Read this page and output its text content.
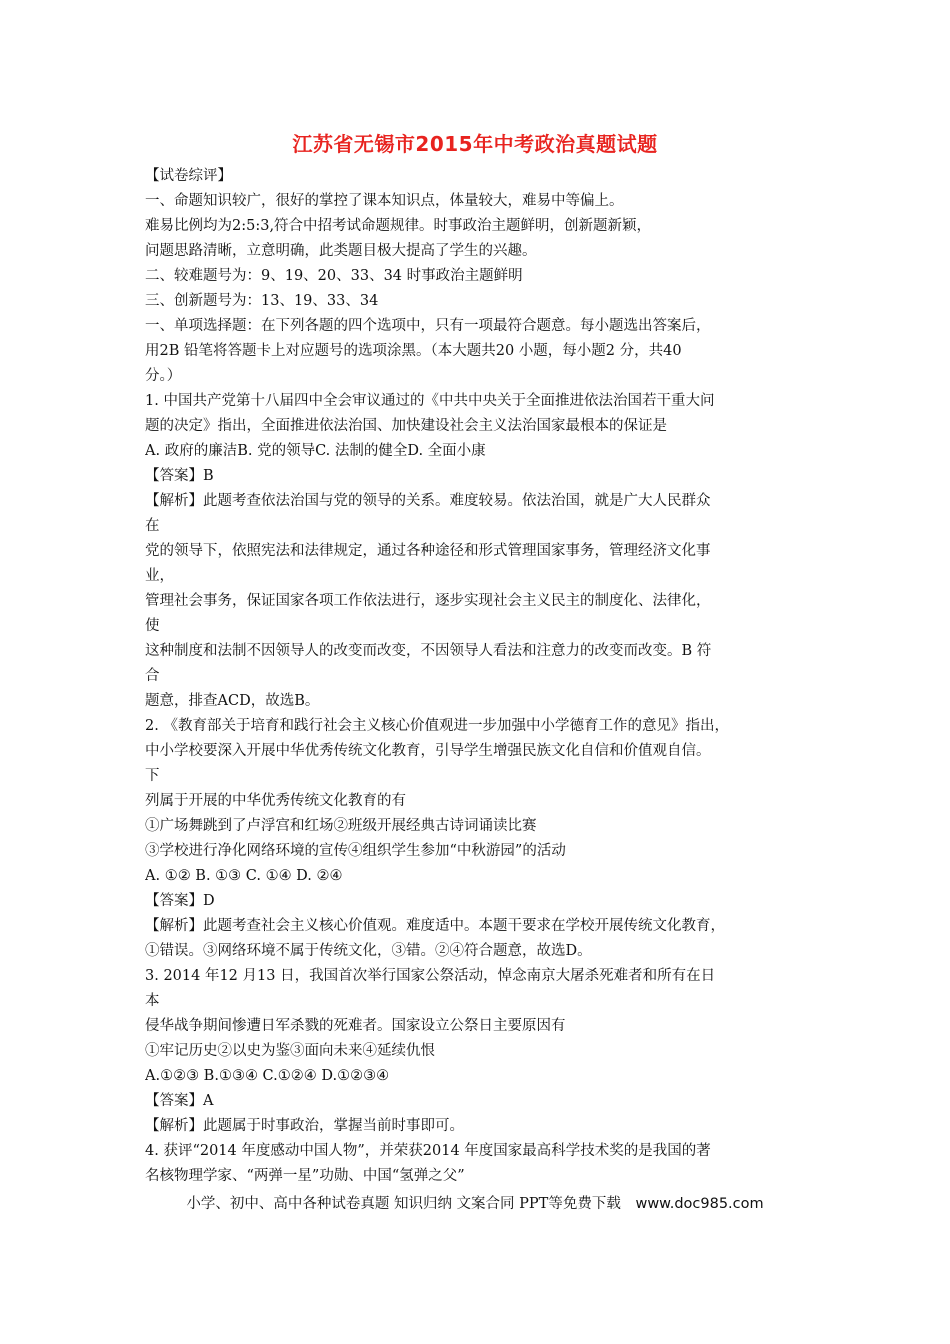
江苏省无锡市2015年中考政治真题试题
【试卷综评】
一、命题知识较广，很好的掌控了课本知识点，体量较大，难易中等偏上。
难易比例均为2:5:3,符合中招考试命题规律。时事政治主题鲜明，创新题新颖，
问题思路清晰，立意明确，此类题目极大提高了学生的兴趣。
二、较难题号为：9、19、20、33、34 时事政治主题鲜明
三、创新题号为：13、19、33、34
一、单项选择题：在下列各题的四个选项中，只有一项最符合题意。每小题选出答案后，
用2B 铅笔将答题卡上对应题号的选项涂黑。（本大题共20 小题，每小题2 分，共40
分。）
1. 中国共产党第十八届四中全会审议通过的《中共中央关于全面推进依法治国若干重大问
题的决定》指出，全面推进依法治国、加快建设社会主义法治国家最根本的保证是
A. 政府的廉洁B. 党的领导C. 法制的健全D. 全面小康
【答案】B
【解析】此题考查依法治国与党的领导的关系。难度较易。依法治国，就是广大人民群众
在
党的领导下，依照宪法和法律规定，通过各种途径和形式管理国家事务，管理经济文化事
业，
管理社会事务，保证国家各项工作依法进行，逐步实现社会主义民主的制度化、法律化，
使
这种制度和法制不因领导人的改变而改变，不因领导人看法和注意力的改变而改变。B 符
合
题意，排查ACD，故选B。
2. 《教育部关于培育和践行社会主义核心价值观进一步加强中小学德育工作的意见》指出，
中小学校要深入开展中华优秀传统文化教育，引导学生增强民族文化自信和价值观自信。
下
列属于开展的中华优秀传统文化教育的有
①广场舞跳到了卢浮宫和红场②班级开展经典古诗词诵读比赛
③学校进行净化网络环境的宣传④组织学生参加“中秋游园”的活动
A. ①② B. ①③ C. ①④ D. ②④
【答案】D
【解析】此题考查社会主义核心价值观。难度适中。本题干要求在学校开展传统文化教育，
①错误。③网络环境不属于传统文化，③错。②④符合题意，故选D。
3. 2014 年12 月13 日，我国首次举行国家公祭活动，悼念南京大屠杀死难者和所有在日
本
侵华战争期间惨遭日军杀戮的死难者。国家设立公祭日主要原因有
①牢记历史②以史为鉴③面向未来④延续仇恨
A.①②③ B.①③④ C.①②④ D.①②③④
【答案】A
【解析】此题属于时事政治，掌握当前时事即可。
4. 获评“2014 年度感动中国人物”，并荣获2014 年度国家最高科学技术奖的是我国的著
名核物理学家、“两弹一星”功勋、中国“氢弹之父”
小学、初中、高中各种试卷真题 知识归纳 文案合同 PPT等免费下载 www.doc985.com
